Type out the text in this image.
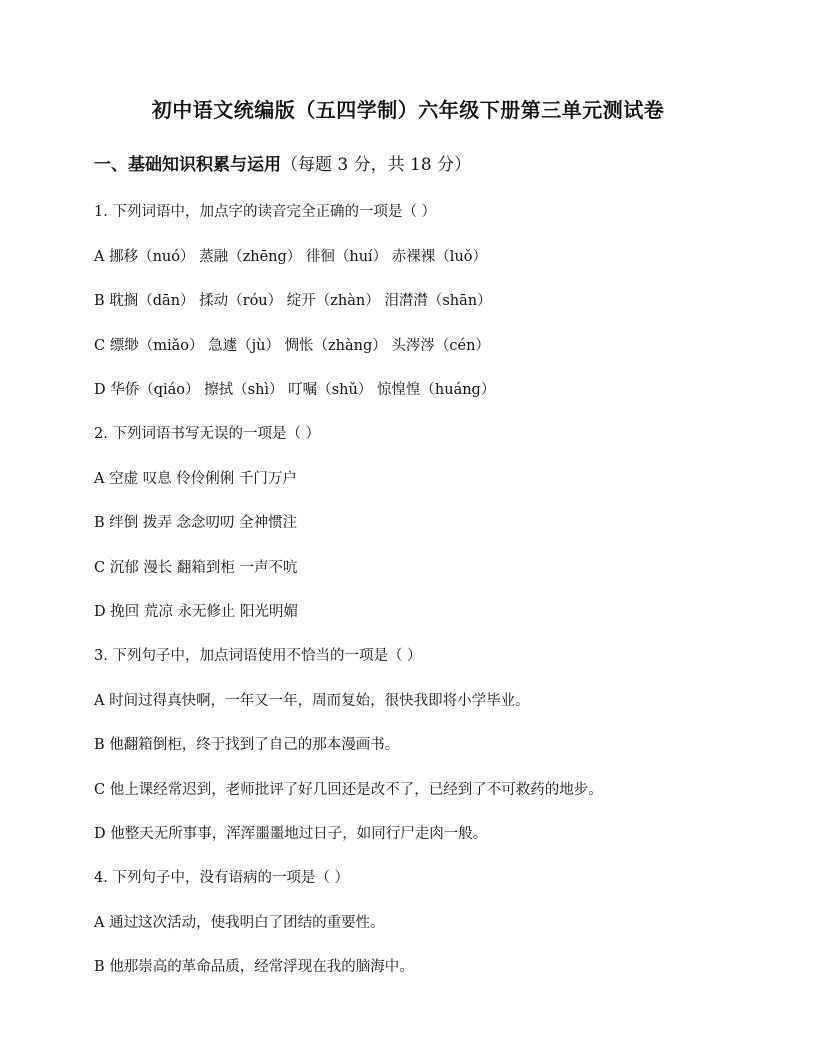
初中语文统编版（五四学制）六年级下册第三单元测试卷
一、基础知识积累与运用（每题 3 分，共 18 分）
1. 下列词语中，加点字的读音完全正确的一项是（ ）
A 挪移（nuó） 蒸融（zhēng） 徘徊（huí） 赤裸裸（luǒ）
B 耽搁（dān） 揉动（róu） 绽开（zhàn） 泪潸潸（shān）
C 缥缈（miǎo） 急遽（jù） 惆怅（zhàng） 头涔涔（cén）
D 华侨（qiáo） 擦拭（shì） 叮嘱（shǔ） 惊惶惶（huáng）
2. 下列词语书写无误的一项是（ ）
A 空虚 叹息 伶伶俐俐 千门万户
B 绊倒 拨弄 念念叨叨 全神惯注
C 沉郁 漫长 翻箱到柜 一声不吭
D 挽回 荒凉 永无修止 阳光明媚
3. 下列句子中，加点词语使用不恰当的一项是（ ）
A 时间过得真快啊，一年又一年，周而复始，很快我即将小学毕业。
B 他翻箱倒柜，终于找到了自己的那本漫画书。
C 他上课经常迟到，老师批评了好几回还是改不了，已经到了不可救药的地步。
D 他整天无所事事，浑浑噩噩地过日子，如同行尸走肉一般。
4. 下列句子中，没有语病的一项是（ ）
A 通过这次活动，使我明白了团结的重要性。
B 他那崇高的革命品质，经常浮现在我的脑海中。
